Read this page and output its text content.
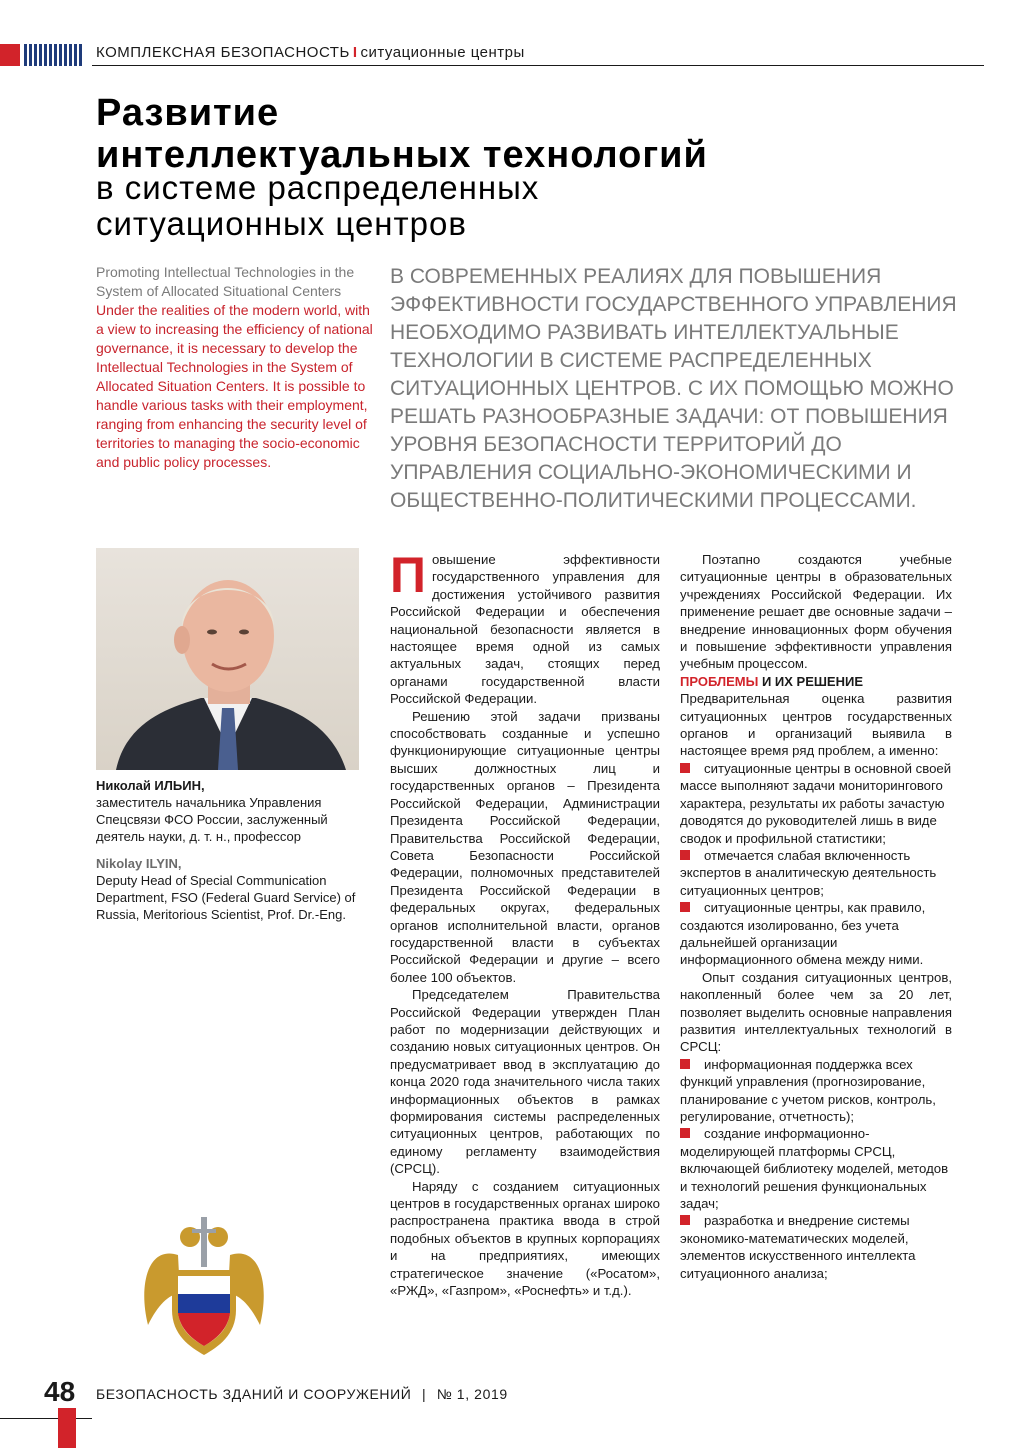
КОМПЛЕКСНАЯ БЕЗОПАСНОСТЬ I ситуационные центры
Развитие
интеллектуальных технологий
в системе распределенных
ситуационных центров
Promoting Intellectual Technologies in the System of Allocated Situational Centers
Under the realities of the modern world, with a view to increasing the efficiency of national governance, it is necessary to develop the Intellectual Technologies in the System of Allocated Situation Centers. It is possible to handle various tasks with their employment, ranging from enhancing the security level of territories to managing the socio-economic and public policy processes.
В СОВРЕМЕННЫХ РЕАЛИЯХ ДЛЯ ПОВЫШЕНИЯ ЭФФЕКТИВНОСТИ ГОСУДАРСТВЕННОГО УПРАВЛЕНИЯ НЕОБХОДИМО РАЗВИВАТЬ ИНТЕЛЛЕКТУАЛЬНЫЕ ТЕХНОЛОГИИ В СИСТЕМЕ РАСПРЕДЕЛЕННЫХ СИТУАЦИОННЫХ ЦЕНТРОВ. С ИХ ПОМОЩЬЮ МОЖНО РЕШАТЬ РАЗНООБРАЗНЫЕ ЗАДАЧИ: ОТ ПОВЫШЕНИЯ УРОВНЯ БЕЗОПАСНОСТИ ТЕРРИТОРИЙ ДО УПРАВЛЕНИЯ СОЦИАЛЬНО-ЭКОНОМИЧЕСКИМИ И ОБЩЕСТВЕННО-ПОЛИТИЧЕСКИМИ ПРОЦЕССАМИ.
Николай ИЛЬИН,
заместитель начальника Управления Спецсвязи ФСО России, заслуженный деятель науки, д. т. н., профессор
Nikolay ILYIN,
Deputy Head of Special Communication Department, FSO (Federal Guard Service) of Russia, Meritorious Scientist, Prof. Dr.-Eng.

Повышение эффективности государственного управления для достижения устойчивого развития Российской Федерации и обеспечения национальной безопасности является в настоящее время одной из самых актуальных задач, стоящих перед органами государственной власти Российской Федерации.

Решению этой задачи призваны способствовать созданные и успешно функционирующие ситуационные центры высших должностных лиц и государственных органов – Президента Российской Федерации, Администрации Президента Российской Федерации, Правительства Российской Федерации, Совета Безопасности Российской Федерации, полномочных представителей Президента Российской Федерации в федеральных округах, федеральных органов исполнительной власти, органов государственной власти в субъектах Российской Федерации и другие – всего более 100 объектов.

Председателем Правительства Российской Федерации утвержден План работ по модернизации действующих и созданию новых ситуационных центров. Он предусматривает ввод в эксплуатацию до конца 2020 года значительного числа таких информационных объектов в рамках формирования системы распределенных ситуационных центров, работающих по единому регламенту взаимодействия (СРСЦ).

Наряду с созданием ситуационных центров в государственных органах широко распространена практика ввода в строй подобных объектов в крупных корпорациях и на предприятиях, имеющих стратегическое значение («Росатом», «РЖД», «Газпром», «Роснефть» и т.д.).

Поэтапно создаются учебные ситуационные центры в образовательных учреждениях Российской Федерации. Их применение решает две основные задачи – внедрение инновационных форм обучения и повышение эффективности управления учебным процессом.

ПРОБЛЕМЫ И ИХ РЕШЕНИЕ

Предварительная оценка развития ситуационных центров государственных органов и организаций выявила в настоящее время ряд проблем, а именно:

ситуационные центры в основной своей массе выполняют задачи мониторингового характера, результаты их работы зачастую доводятся до руководителей лишь в виде сводок и профильной статистики;
отмечается слабая включенность экспертов в аналитическую деятельность ситуационных центров;
ситуационные центры, как правило, создаются изолированно, без учета дальнейшей организации информационного обмена между ними.

Опыт создания ситуационных центров, накопленный более чем за 20 лет, позволяет выделить основные направления развития интеллектуальных технологий в СРСЦ:

информационная поддержка всех функций управления (прогнозирование, планирование с учетом рисков, контроль, регулирование, отчетность);
создание информационно-моделирующей платформы СРСЦ, включающей библиотеку моделей, методов и технологий решения функциональных задач;
разработка и внедрение системы экономико-математических моделей, элементов искусственного интеллекта ситуационного анализа;
48 БЕЗОПАСНОСТЬ ЗДАНИЙ И СООРУЖЕНИЙ | № 1, 2019
